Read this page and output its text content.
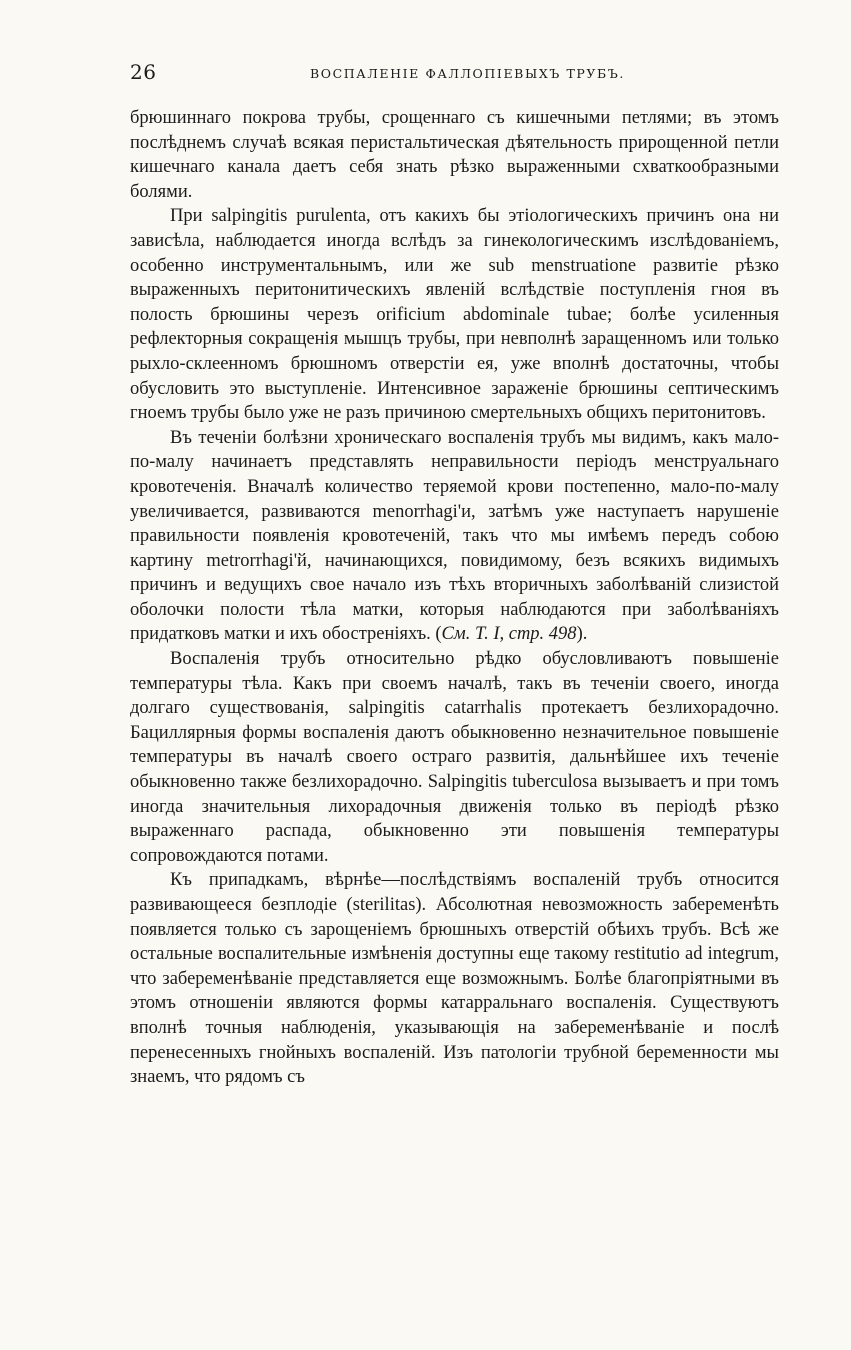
26	ВОСПАЛЕНІЕ ФАЛЛОПІЕВЫХЪ ТРУБЪ.

брюшиннаго покрова трубы, срощеннаго съ кишечными петлями; въ этомъ послѣднемъ случаѣ всякая перистальтическая дѣятельность прирощенной петли кишечнаго канала даетъ себя знать рѣзко выраженными схваткообразными болями.

При salpingitis purulenta, отъ какихъ бы этіологическихъ причинъ она ни зависѣла, наблюдается иногда вслѣдъ за гинекологическимъ изслѣдованіемъ, особенно инструментальнымъ, или же sub menstruatione развитіе рѣзко выраженныхъ перитонитическихъ явленій вслѣдствіе поступленія гноя въ полость брюшины черезъ orificium abdominale tubae; болѣе усиленныя рефлекторныя сокращенія мышцъ трубы, при невполнѣ заращенномъ или только рыхло-склеенномъ брюшномъ отверстіи ея, уже вполнѣ достаточны, чтобы обусловить это выступленіе. Интенсивное зараженіе брюшины септическимъ гноемъ трубы было уже не разъ причиною смертельныхъ общихъ перитонитовъ.

Въ теченіи болѣзни хроническаго воспаленія трубъ мы видимъ, какъ мало-по-малу начинаетъ представлять неправильности періодъ менструальнаго кровотеченія. Вначалѣ количество теряемой крови постепенно, мало-по-малу увеличивается, развиваются menorrhagi'и, затѣмъ уже наступаетъ нарушеніе правильности появленія кровотеченій, такъ что мы имѣемъ передъ собою картину metrorrhagi'й, начинающихся, повидимому, безъ всякихъ видимыхъ причинъ и ведущихъ свое начало изъ тѣхъ вторичныхъ заболѣваній слизистой оболочки полости тѣла матки, которыя наблюдаются при заболѣваніяхъ придатковъ матки и ихъ обостреніяхъ. (См. Т. I, стр. 498).

Воспаленія трубъ относительно рѣдко обусловливаютъ повышеніе температуры тѣла. Какъ при своемъ началѣ, такъ въ теченіи своего, иногда долгаго существованія, salpingitis catarrhalis протекаетъ безлихорадочно. Бациллярныя формы воспаленія даютъ обыкновенно незначительное повышеніе температуры въ началѣ своего остраго развитія, дальнѣйшее ихъ теченіе обыкновенно также безлихорадочно. Salpingitis tuberculosa вызываетъ и при томъ иногда значительныя лихорадочныя движенія только въ періодѣ рѣзко выраженнаго распада, обыкновенно эти повышенія температуры сопровождаются потами.

Къ припадкамъ, вѣрнѣе—послѣдствіямъ воспаленій трубъ относится развивающееся безплодіе (sterilitas). Абсолютная невозможность забеременѣть появляется только съ зарощеніемъ брюшныхъ отверстій обѣихъ трубъ. Всѣ же остальные воспалительные измѣненія доступны еще такому restitutio ad integrum, что забеременѣваніе представляется еще возможнымъ. Болѣе благопріятными въ этомъ отношеніи являются формы катарральнаго воспаленія. Существуютъ вполнѣ точныя наблюденія, указывающія на забеременѣваніе и послѣ перенесенныхъ гнойныхъ воспаленій. Изъ патологіи трубной беременности мы знаемъ, что рядомъ съ
